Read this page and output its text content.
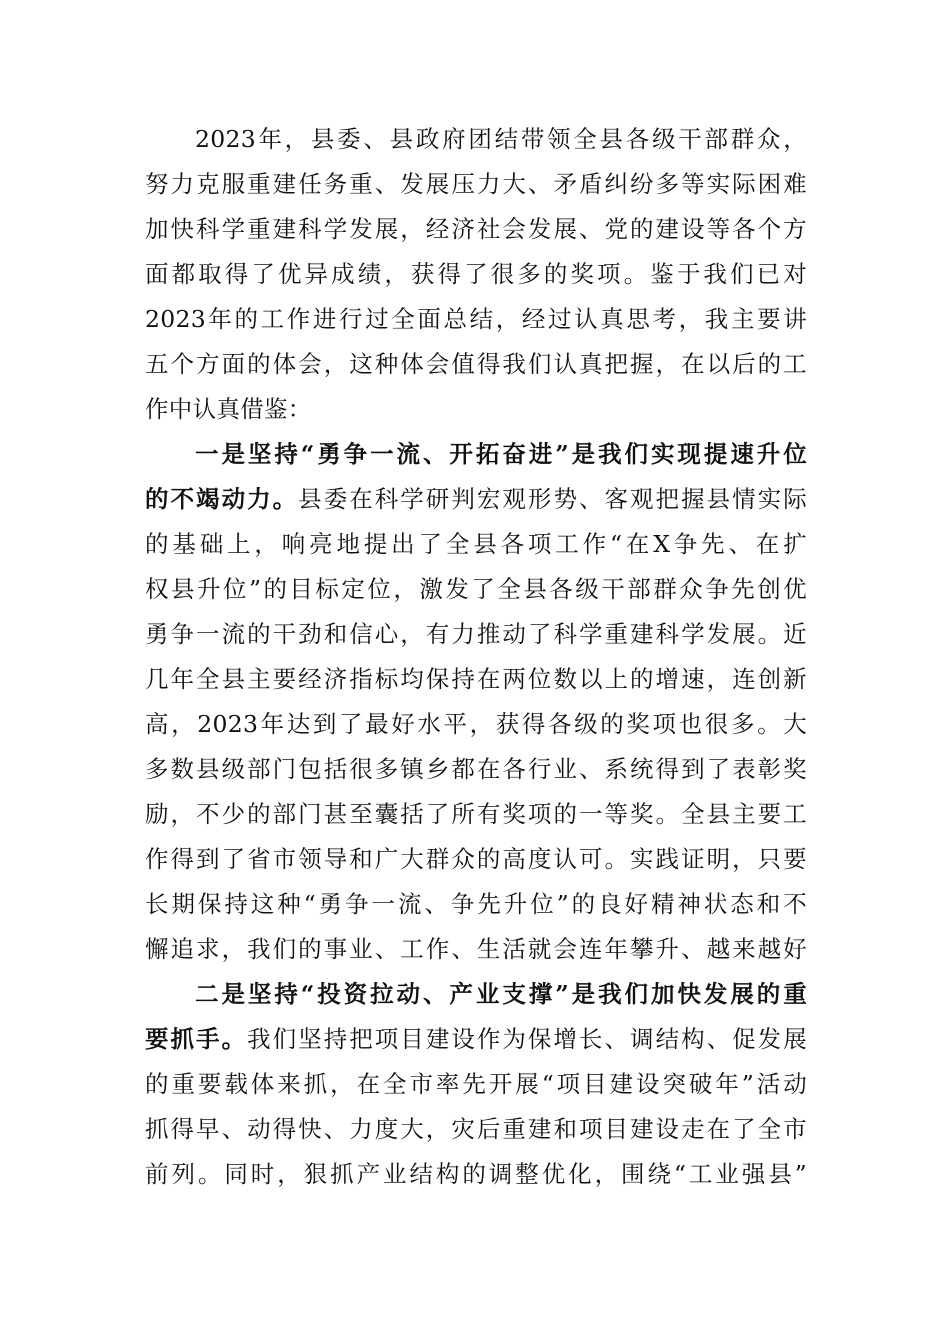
2023年，县委、县政府团结带领全县各级干部群众，
努力克服重建任务重、发展压力大、矛盾纠纷多等实际困难
加快科学重建科学发展，经济社会发展、党的建设等各个方
面都取得了优异成绩，获得了很多的奖项。鉴于我们已对
2023年的工作进行过全面总结，经过认真思考，我主要讲
五个方面的体会，这种体会值得我们认真把握，在以后的工
作中认真借鉴：
一是坚持“勇争一流、开拓奋进”是我们实现提速升位
的不竭动力。县委在科学研判宏观形势、客观把握县情实际
的基础上，响亮地提出了全县各项工作“在X争先、在扩
权县升位”的目标定位，激发了全县各级干部群众争先创优
勇争一流的干劲和信心，有力推动了科学重建科学发展。近
几年全县主要经济指标均保持在两位数以上的增速，连创新
高，2023年达到了最好水平，获得各级的奖项也很多。大
多数县级部门包括很多镇乡都在各行业、系统得到了表彰奖
励，不少的部门甚至囊括了所有奖项的一等奖。全县主要工
作得到了省市领导和广大群众的高度认可。实践证明，只要
长期保持这种“勇争一流、争先升位”的良好精神状态和不
懈追求，我们的事业、工作、生活就会连年攀升、越来越好
二是坚持“投资拉动、产业支撑”是我们加快发展的重
要抓手。我们坚持把项目建设作为保增长、调结构、促发展
的重要载体来抓，在全市率先开展“项目建设突破年”活动
抓得早、动得快、力度大，灾后重建和项目建设走在了全市
前列。同时，狠抓产业结构的调整优化，围绕“工业强县”
